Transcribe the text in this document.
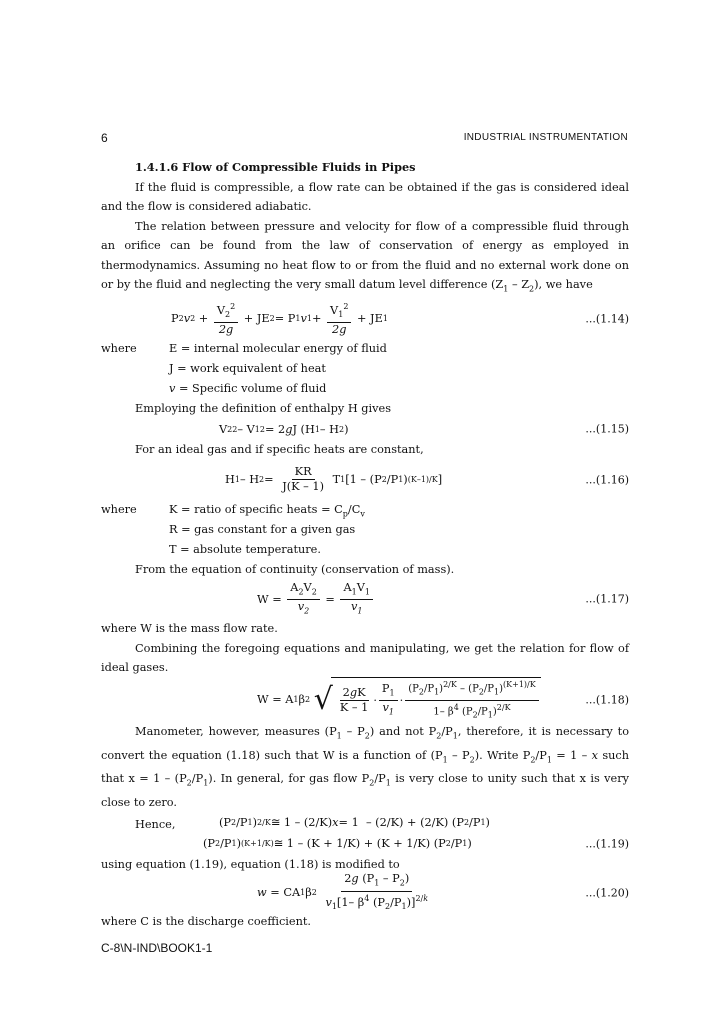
6	INDUSTRIAL INSTRUMENTATION
1.4.1.6 Flow of Compressible Fluids in Pipes

If the fluid is compressible, a flow rate can be obtained if the gas is considered ideal and the flow is considered adiabatic.

The relation between pressure and velocity for flow of a compressible fluid through an orifice can be found from the law of conservation of energy as employed in thermodynamics. Assuming no heat flow to or from the fluid and no external work done on or by the fluid and neglecting the very small datum level difference $(Z_1 - Z_2)$, we have

P 2 v $2 + \frac{V_2^2}{2g}$ + JE 2 = P 1 v $1 + \frac{V_1^2}{2g}$ + JE 1	...(1.14)
where	E = internal molecular energy of fluid
J = work equivalent of heat
v = Specific volume of fluid
Employing the definition of enthalpy H gives
V 2 2 – V 1 2 = 2 g J (H 1 – H 2 )	...(1.15)
For an ideal gas and if specific heats are constant,
H 1 – H $2 = \frac{KR}{J(K - 1)}$ T 1 [1 – (P 2 /P 1 ) (K–1)/K ]	...(1.16)
where	K = ratio of specific heats = $C_p/C_v$
R = gas constant for a given gas
T = absolute temperature.
From the equation of continuity (conservation of mass).
$W = \frac{A_2V_2}{v_2} = \frac{A_1V_1}{v_1}$	...(1.17)
where W is the mass flow rate.

Combining the foregoing equations and manipulating, we get the relation for flow of ideal gases.

W = A 1 β 2
√ $\frac{2gK}{K - 1} \cdot \frac{P_1}{v_1} \cdot \frac{(P_2/P_1)^{2/K} - (P_2/P_1)^{(K+1)/K}}{1- \beta^4 (P_2/P_1)^{2/K}}$	...(1.18)

Manometer, however, measures $(P_1 - P_2)$ and not $P_2/P_1$, therefore, it is necessary to convert the equation (1.18) such that W is a function of $(P_1 - P_2)$. Write $P_2/P_1 = 1 - x$ such that $x = 1 - (P_2/P_1)$. In general, for gas flow $P_2/P_1$ is very close to unity such that x is very close to zero.

Hence,	(P 2 /P 1 ) 2/K ≅ 1 – (2/K) x = 1  – (2/K) + (2/K) (P 2 /P 1 )
(P 2 /P 1 ) (K+1/K) ≅ 1 – (K + 1/K) + (K + 1/K) (P 2 /P 1 )	...(1.19)
using equation (1.19), equation (1.18) is modified to
w = CA 1 β 2
$\frac{2g (P_1 - P_2)}{v_1[1- \beta^4 (P_2/P_1)]^{2/k}}$	...(1.20)
where C is the discharge coefficient.
C-8\N-IND\BOOK1-1
